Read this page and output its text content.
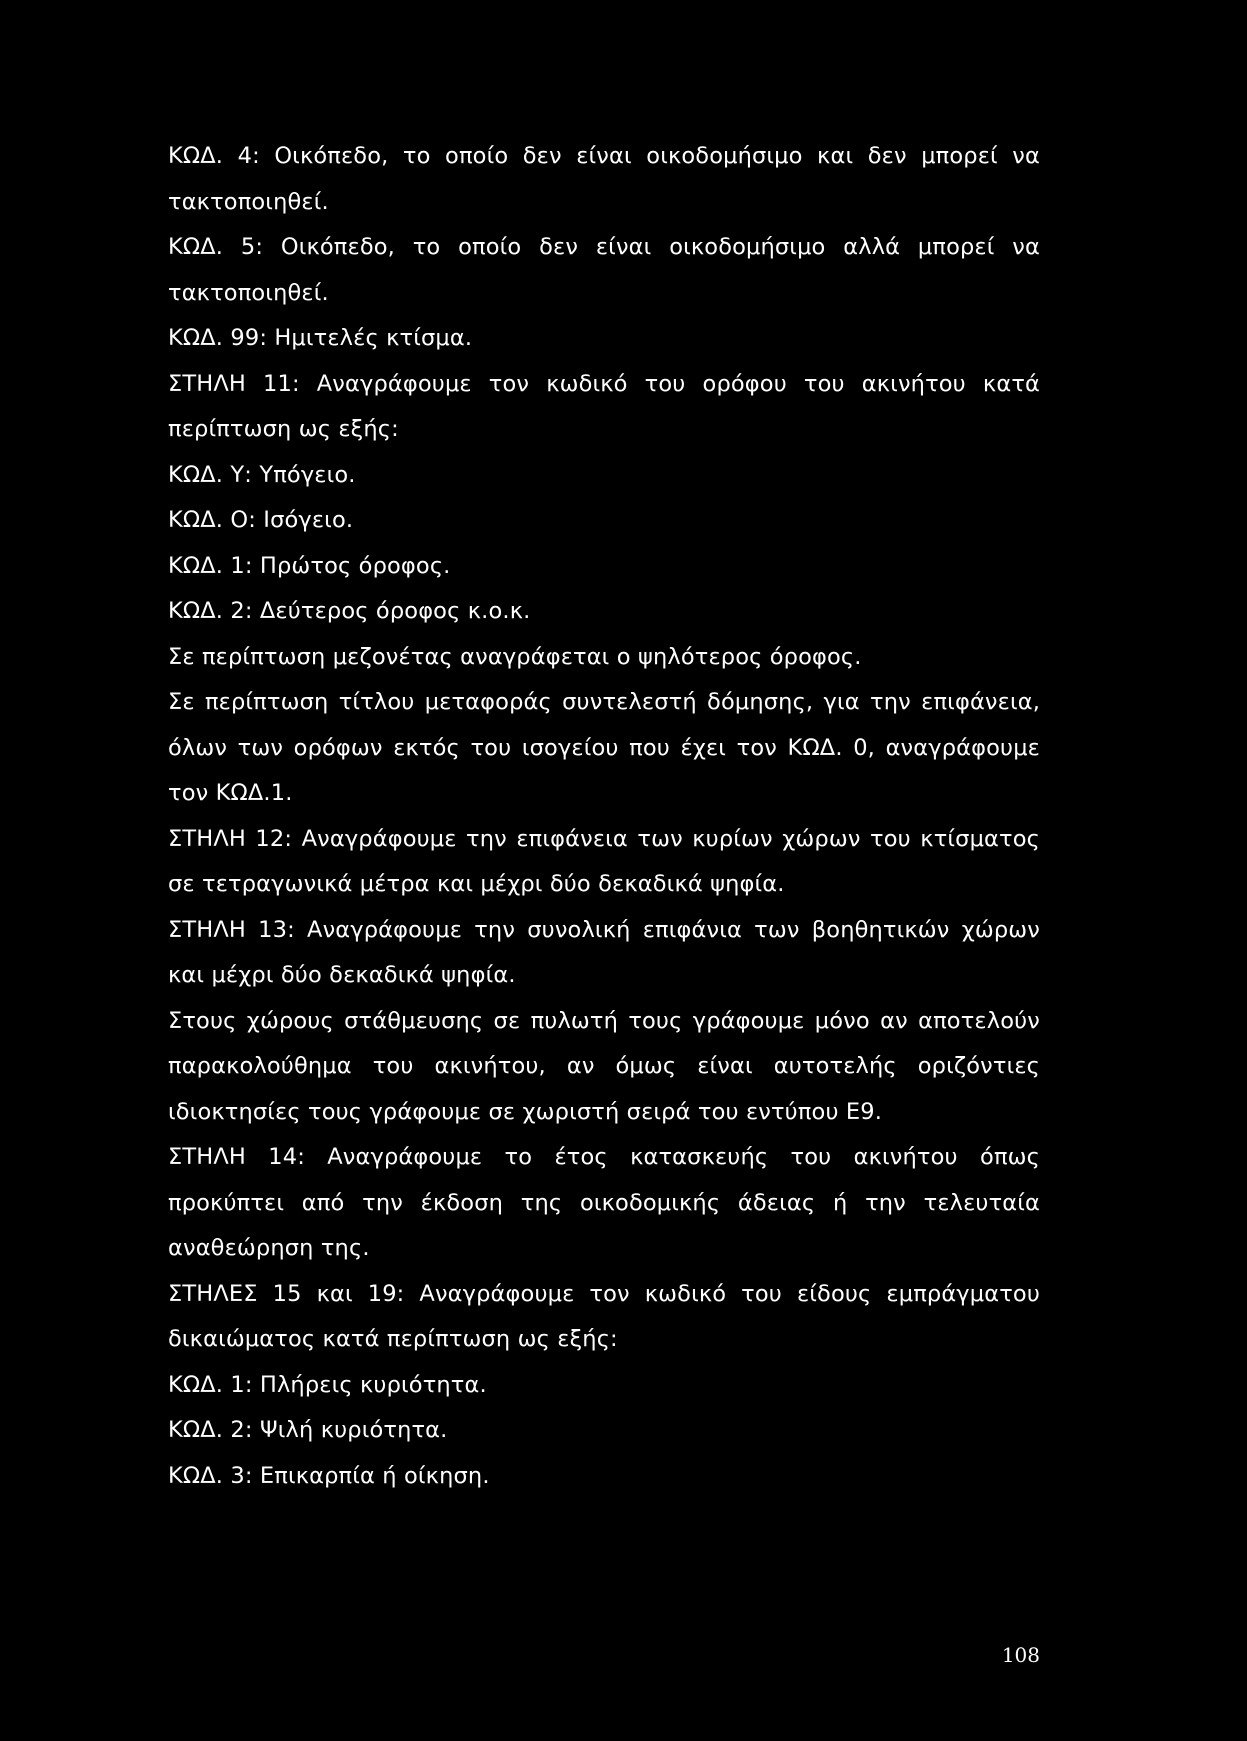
ΚΩΔ. 4: Οικόπεδο, το οποίο δεν είναι οικοδομήσιμο και δεν μπορεί να τακτοποιηθεί.

ΚΩΔ. 5: Οικόπεδο, το οποίο δεν είναι οικοδομήσιμο αλλά μπορεί να τακτοποιηθεί.

ΚΩΔ. 99: Ημιτελές κτίσμα.

ΣΤΗΛΗ 11: Αναγράφουμε τον κωδικό του ορόφου του ακινήτου κατά περίπτωση ως εξής:

ΚΩΔ. Υ: Υπόγειο.

ΚΩΔ. Ο: Ισόγειο.

ΚΩΔ. 1: Πρώτος όροφος.

ΚΩΔ. 2: Δεύτερος όροφος κ.ο.κ.

Σε περίπτωση μεζονέτας αναγράφεται ο ψηλότερος όροφος.

Σε περίπτωση τίτλου μεταφοράς συντελεστή δόμησης, για την επιφάνεια, όλων των ορόφων εκτός του ισογείου που έχει τον ΚΩΔ. 0, αναγράφουμε τον ΚΩΔ.1.

ΣΤΗΛΗ 12: Αναγράφουμε την επιφάνεια των κυρίων χώρων του κτίσματος σε τετραγωνικά μέτρα και μέχρι δύο δεκαδικά ψηφία.

ΣΤΗΛΗ 13: Αναγράφουμε την συνολική επιφάνια των βοηθητικών χώρων και μέχρι δύο δεκαδικά ψηφία.

Στους χώρους στάθμευσης σε πυλωτή τους γράφουμε μόνο αν αποτελούν παρακολούθημα του ακινήτου, αν όμως είναι αυτοτελής οριζόντιες ιδιοκτησίες τους γράφουμε σε χωριστή σειρά του εντύπου Ε9.

ΣΤΗΛΗ 14: Αναγράφουμε το έτος κατασκευής του ακινήτου όπως προκύπτει από την έκδοση της οικοδομικής άδειας ή την τελευταία αναθεώρηση της.

ΣΤΗΛΕΣ 15 και 19: Αναγράφουμε τον κωδικό του είδους εμπράγματου δικαιώματος κατά περίπτωση ως εξής:

ΚΩΔ. 1: Πλήρεις κυριότητα.

ΚΩΔ. 2: Ψιλή κυριότητα.

ΚΩΔ. 3: Επικαρπία ή οίκηση.

108
